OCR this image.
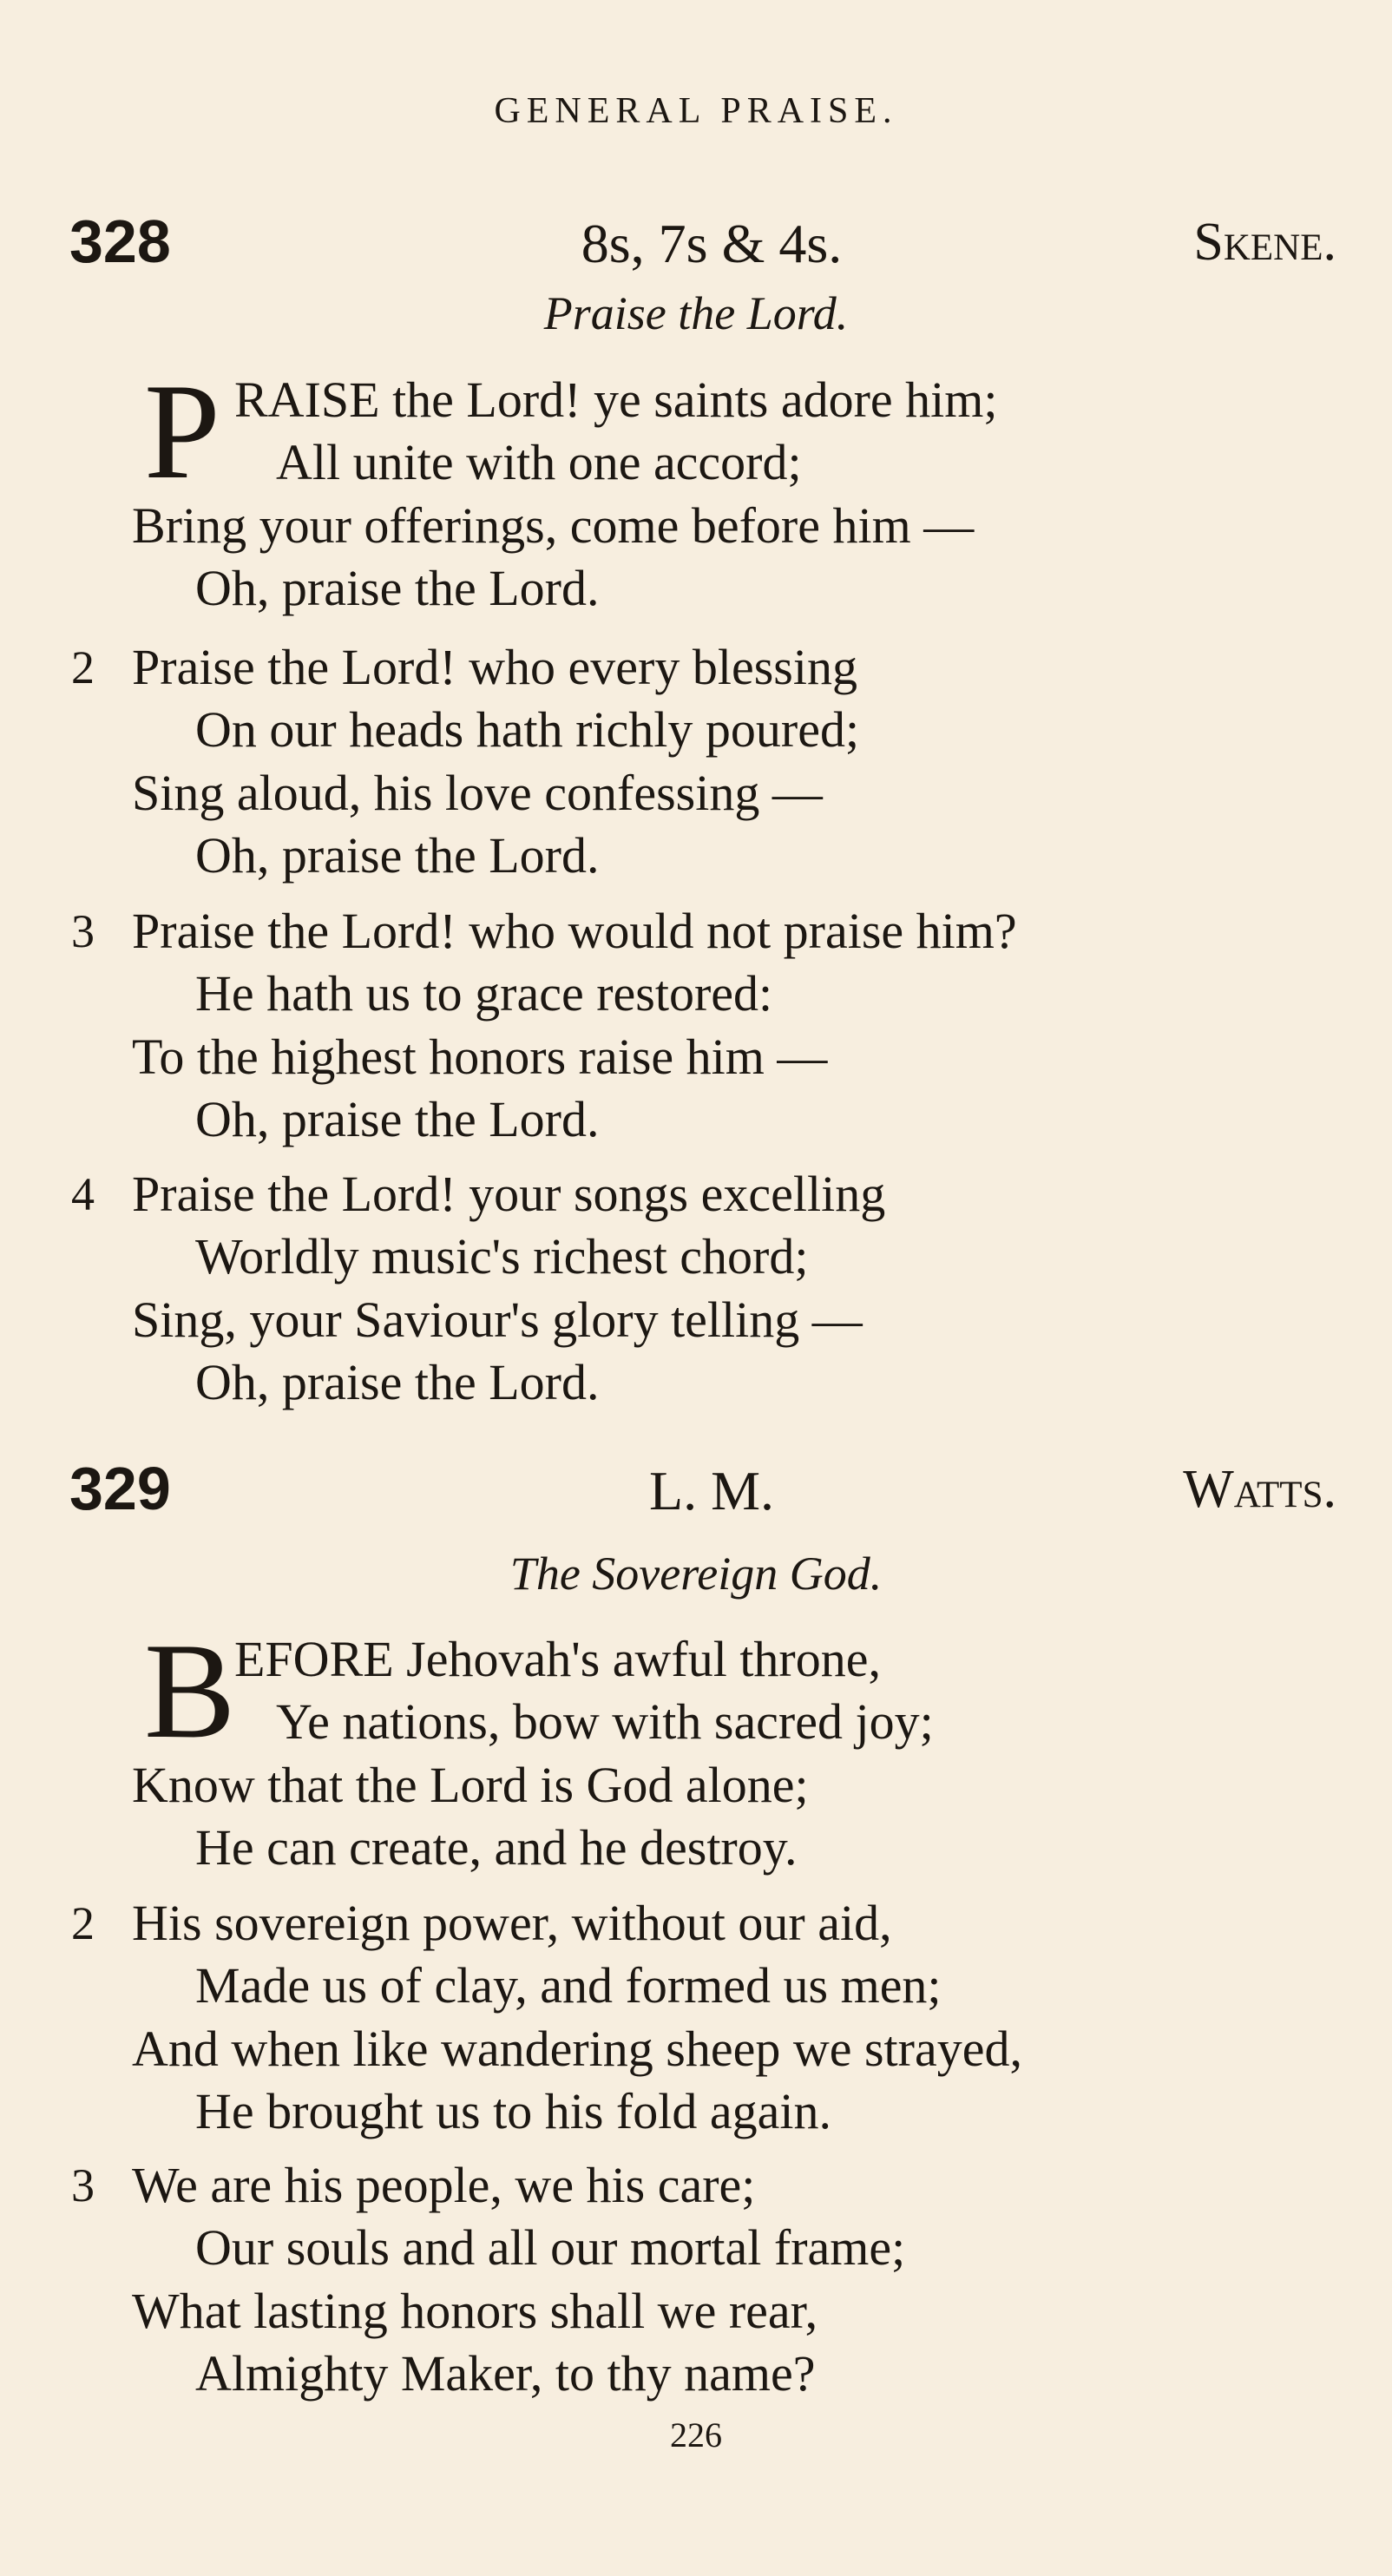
GENERAL PRAISE.
328	8s, 7s & 4s.	Skene.
Praise the Lord.
P RAISE the Lord! ye saints adore him;
All unite with one accord;
Bring your offerings, come before him —
Oh, praise the Lord.
2 Praise the Lord! who every blessing
On our heads hath richly poured;
Sing aloud, his love confessing —
Oh, praise the Lord.
3 Praise the Lord! who would not praise him?
He hath us to grace restored:
To the highest honors raise him —
Oh, praise the Lord.
4 Praise the Lord! your songs excelling
Worldly music's richest chord;
Sing, your Saviour's glory telling —
Oh, praise the Lord.
329	L. M.	Watts.
The Sovereign God.
B
EFORE Jehovah's awful throne,
Ye nations, bow with sacred joy;
Know that the Lord is God alone;
He can create, and he destroy.
2 His sovereign power, without our aid,
Made us of clay, and formed us men;
And when like wandering sheep we strayed,
He brought us to his fold again.
3 We are his people, we his care;
Our souls and all our mortal frame;
What lasting honors shall we rear,
Almighty Maker, to thy name?
226
